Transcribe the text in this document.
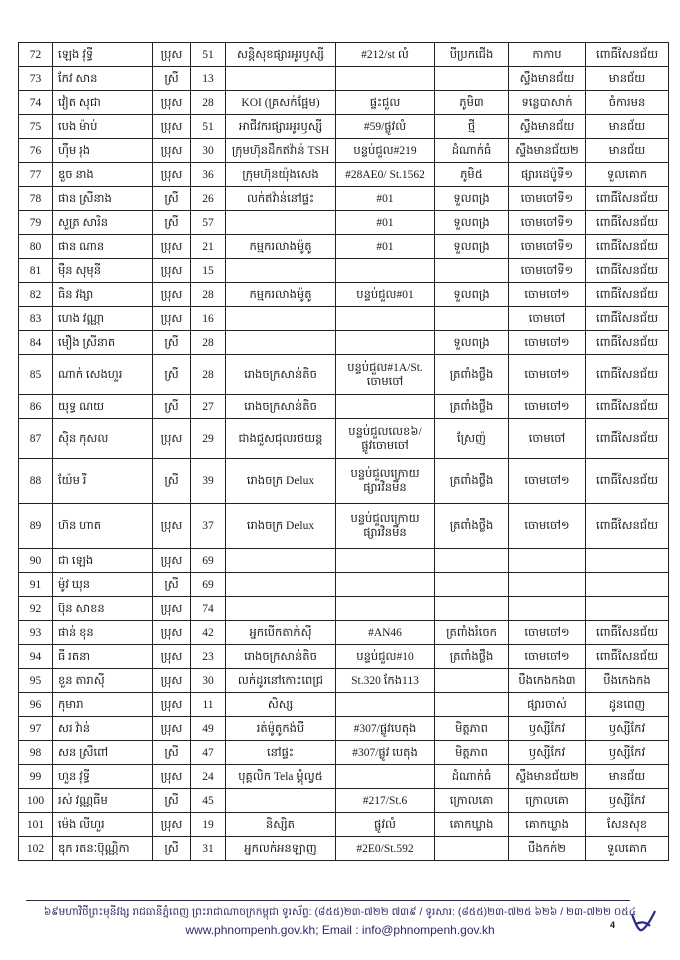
72	ឡេង វុទ្ធី	ប្រុស	51	សន្តិសុខផ្សារអូរឫស្សី	#212/st លំ	បីប្រកជើង	កាកាប	ពោធិ៍សែនជ័យ
73	កែវ សាន	ស្រី	13				ស្ទឹងមានជ័យ	មានជ័យ
74	វៀត សុជា	ប្រុស	28	KOI (គ្រសក់ផ្អែម)	ផ្ទះជួល	ភូមិ៣	ទន្លេបាសាក់	ចំការមន
75	បេង ម៉ាប់	ប្រុស	51	អាជីវករផ្សារអូរឫស្សី	#59/ផ្លូវលំ	ថ្មី	ស្ទឹងមានជ័យ	មានជ័យ
76	ហ៊ឹម រុង	ប្រុស	30	ក្រុមហ៊ុនដឹកឥវ៉ាន់ TSH	បន្ទប់ជួល#219	ដំណាក់ធំ	ស្ទឹងមានជ័យ២	មានជ័យ
77	ឌួច នាង	ប្រុស	36	ក្រុមហ៊ុនយ៉ុងសេង	#28AE0/ St.1562	ភូមិ៥	ផ្សារដេប៉ូទី១	ទួលគោក
78	ផាន ស្រីនាង	ស្រី	26	លក់ឥវ៉ាន់នៅផ្ទះ	#01	ទួលពង្រ	ចោមចៅទី១	ពោធិ៍សែនជ័យ
79	សួត្រ សារិន	ស្រី	57		#01	ទួលពង្រ	ចោមចៅទី១	ពោធិ៍សែនជ័យ
80	ផាន ណាន	ប្រុស	21	កម្មករលាងម៉ូតូ	#01	ទួលពង្រ	ចោមចៅទី១	ពោធិ៍សែនជ័យ
81	ម៉ឺន សុមុនី	ប្រុស	15				ចោមចៅទី១	ពោធិ៍សែនជ័យ
82	ធិន វង្សា	ប្រុស	28	កម្មករលាងម៉ូតូ	បន្ទប់ជួល#01	ទួលពង្រ	ចោមចៅ១	ពោធិ៍សែនជ័យ
83	ហេង វណ្ណា	ប្រុស	16				ចោមចៅ	ពោធិ៍សែនជ័យ
84	មឿង ស្រីនាត	ស្រី	28			ទួលពង្រ	ចោមចៅ១	ពោធិ៍សែនជ័យ
85	ណាក់ សេងហួរ	ស្រី	28	រោងចក្រសាន់តិច	បន្ទប់ជួល#1A/St.
ចោមចៅ	ត្រពាំងថ្លឹង	ចោមចៅ១	ពោធិ៍សែនជ័យ
86	យុទ្ធ ណយ	ស្រី	27	រោងចក្រសាន់តិច		ត្រពាំងថ្លឹង	ចោមចៅ១	ពោធិ៍សែនជ័យ
87	ស៊ិន កុសល	ប្រុស	29	ជាងជួសជុលរថយន្ត	បន្ទប់ជួលលេខ៦/
ផ្លូវចោមចៅ	ស្រែញ៉	ចោមចៅ	ពោធិ៍សែនជ័យ
88	យ៉ែម រី	ស្រី	39	រោងចក្រ Delux	បន្ទប់ជួលក្រោយ
ផ្សារវិនមីន	ត្រពាំងថ្លឹង	ចោមចៅ១	ពោធិ៍សែនជ័យ
89	ហ៊ន ហាត	ប្រុស	37	រោងចក្រ Delux	បន្ទប់ជួលក្រោយ
ផ្សារវិនមីន	ត្រពាំងថ្លឹង	ចោមចៅ១	ពោធិ៍សែនជ័យ
90	ជា ឡេង	ប្រុស	69					
91	ម៉ូវ ឃុន	ស្រី	69					
92	ប៊ុន សាខន	ប្រុស	74					
93	ផាន់ ខុន	ប្រុស	42	អ្នកបើកតាក់ស៊ី	#AN46	ត្រពាំងរំចេក	ចោមចៅ១	ពោធិ៍សែនជ័យ
94	ធី រតនា	ប្រុស	23	រោងចក្រសាន់តិច	បន្ទប់ជួល#10	ត្រពាំងថ្លឹង	ចោមចៅ១	ពោធិ៍សែនជ័យ
95	ខួន តារាស៊ី	ប្រុស	30	លក់ដូរនៅកោះពេជ្រ	St.320 កែង113		បឹងកេងកង៣	បឹងកេងកង
96	កុមារា	ប្រុស	11	សិស្ស			ផ្សារចាស់	ដូនពេញ
97	សរ វ៉ាន់	ប្រុស	49	រត់ម៉ូតូកង់បី	#307/ផ្លូវបេតុង	មិត្តភាព	ឫស្សីកែវ	ឫស្សីកែវ
98	សន ស្រីពៅ	ស្រី	47	នៅផ្ទះ	#307/ផ្លូវ បេតុង	មិត្តភាព	ឫស្សីកែវ	ឫស្សីកែវ
99	ហួន វុទ្ធី	ប្រុស	24	បុគ្គលិក Tela ម្តុំល្វ៥		ដំណាក់ធំ	ស្ទឹងមានជ័យ២	មានជ័យ
100	រស់ វណ្ណធីម	ស្រី	45		#217/St.6	ក្រោលគោ	ក្រោលគោ	ឫស្សីកែវ
101	ម៉េង លីហួរ	ប្រុស	19	និស្សិត	ផ្លូវលំ	គោកឃ្លាង	គោកឃ្លាង	សែនសុខ
102	ឌុក រតនៈប៊ុណ្ណិកា	ស្រី	31	អ្នកលក់អនឡាញ	#2E0/St.592		បឹងកក់២	ទួលគោក
៦៩មហាវិថីព្រះមុនីវង្ស រាជធានីភ្នំពេញ ព្រះរាជាណាចក្រកម្ពុជា ទូរស័ព្ទ: (៨៥៥)២៣-៧២២ ៧៣៩ / ទូរសារ: (៨៥៥)២៣-៧២៥ ៦២៦ / ២៣-៧២២ ០៥៤
www.phnompenh.gov.kh; Email : info@phnompenh.gov.kh	4
